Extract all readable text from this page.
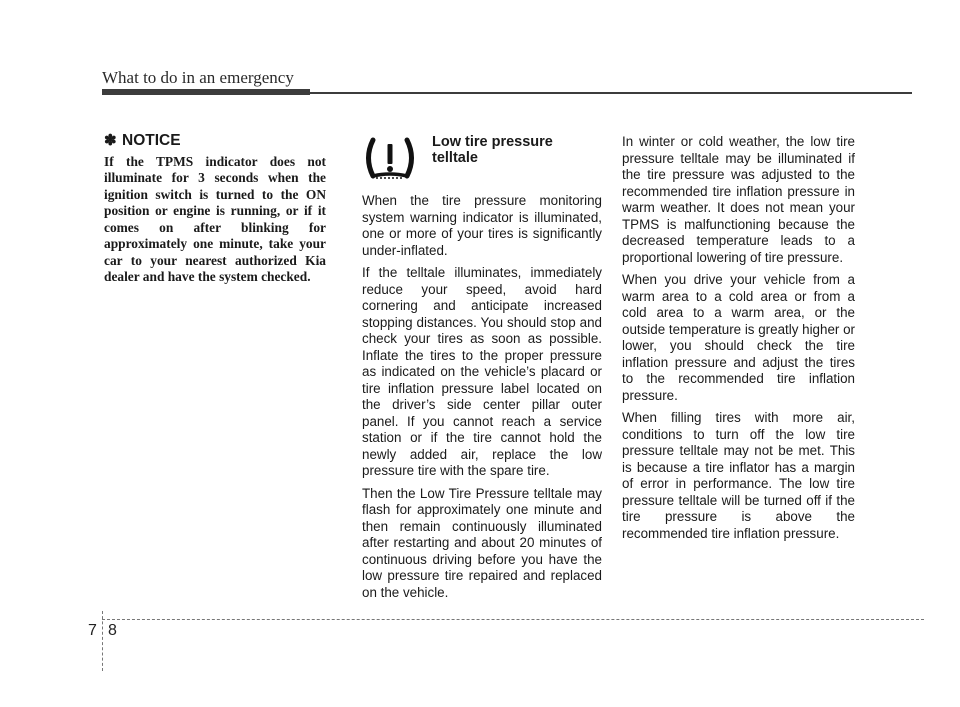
What to do in an emergency
✽ NOTICE
If the TPMS indicator does not illuminate for 3 seconds when the ignition switch is turned to the ON position or engine is running, or if it comes on after blinking for approximately one minute, take your car to your nearest authorized Kia dealer and have the system checked.
Low tire pressure telltale

When the tire pressure monitoring system warning indicator is illuminated, one or more of your tires is significantly under-inflated.

If the telltale illuminates, immediately reduce your speed, avoid hard cornering and anticipate increased stopping distances. You should stop and check your tires as soon as possible. Inflate the tires to the proper pressure as indicated on the vehicle’s placard or tire inflation pressure label located on the driver’s side center pillar outer panel. If you cannot reach a service station or if the tire cannot hold the newly added air, replace the low pressure tire with the spare tire.

Then the Low Tire Pressure telltale may flash for approximately one minute and then remain continuously illuminated after restarting and about 20 minutes of continuous driving before you have the low pressure tire repaired and replaced on the vehicle.

In winter or cold weather, the low tire pressure telltale may be illuminated if the tire pressure was adjusted to the recommended tire inflation pressure in warm weather. It does not mean your TPMS is malfunctioning because the decreased temperature leads to a proportional lowering of tire pressure.

When you drive your vehicle from a warm area to a cold area or from a cold area to a warm area, or the outside temperature is greatly higher or lower, you should check the tire inflation pressure and adjust the tires to the recommended tire inflation pressure.

When filling tires with more air, conditions to turn off the low tire pressure telltale may not be met. This is because a tire inflator has a margin of error in performance. The low tire pressure telltale will be turned off if the tire pressure is above the recommended tire inflation pressure.

7 8
